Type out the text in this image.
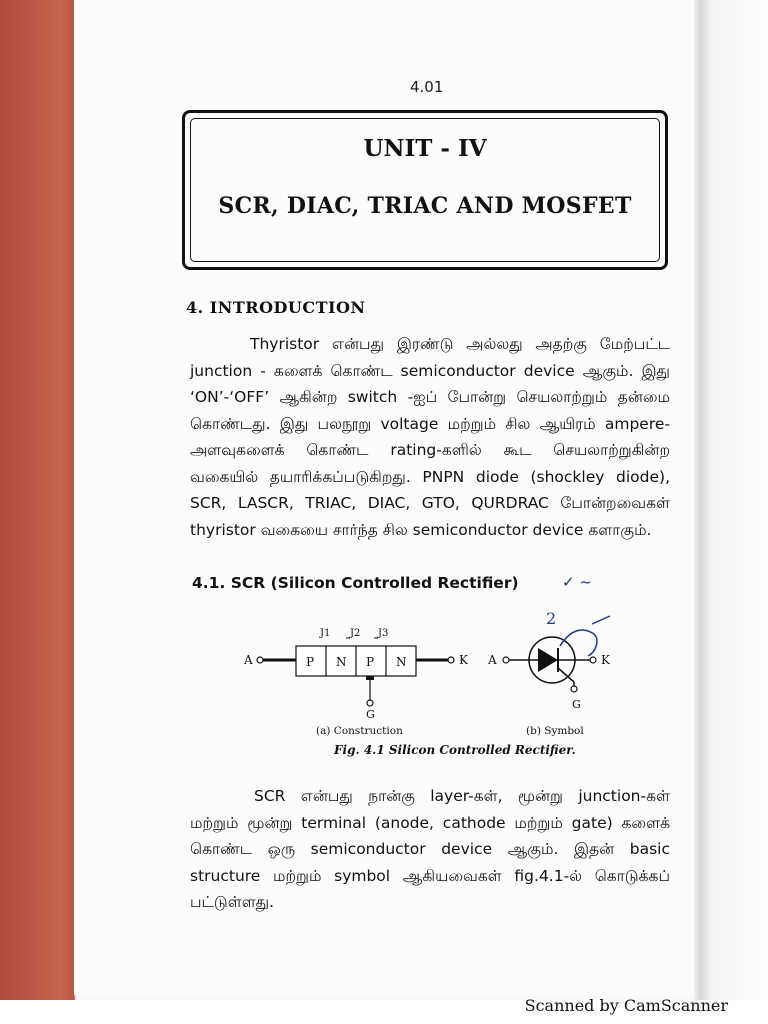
4.01
UNIT - IV
SCR, DIAC, TRIAC AND MOSFET
4. INTRODUCTION

Thyristor என்பது இரண்டு அல்லது அதற்கு மேற்பட்ட junction - களைக் கொண்ட semiconductor device ஆகும். இது ‘ON’-‘OFF’ ஆகின்ற switch -ஐப் போன்று செயலாற்றும் தன்மை கொண்டது. இது பலநூறு voltage மற்றும் சில ஆயிரம் ampere-அளவுகளைக் கொண்ட rating-களில் கூட செயலாற்றுகின்ற வகையில் தயாரிக்கப்படுகிறது. PNPN diode (shockley diode), SCR, LASCR, TRIAC, DIAC, GTO, QURDRAC போன்றவைகள் thyristor வகையை சார்ந்த சில semiconductor device களாகும்.

4.1. SCR (Silicon Controlled Rectifier)	✓ ~
2
J1 J2 J3
A	P N P N	K
G
A	K
G
(a) Construction	(b) Symbol
Fig. 4.1 Silicon Controlled Rectifier.

SCR என்பது நான்கு layer-கள், மூன்று junction-கள் மற்றும் மூன்று terminal (anode, cathode மற்றும் gate) களைக் கொண்ட ஒரு semiconductor device ஆகும். இதன் basic structure மற்றும் symbol ஆகியவைகள் fig.4.1-ல் கொடுக்கப் பட்டுள்ளது.

Scanned by CamScanner
